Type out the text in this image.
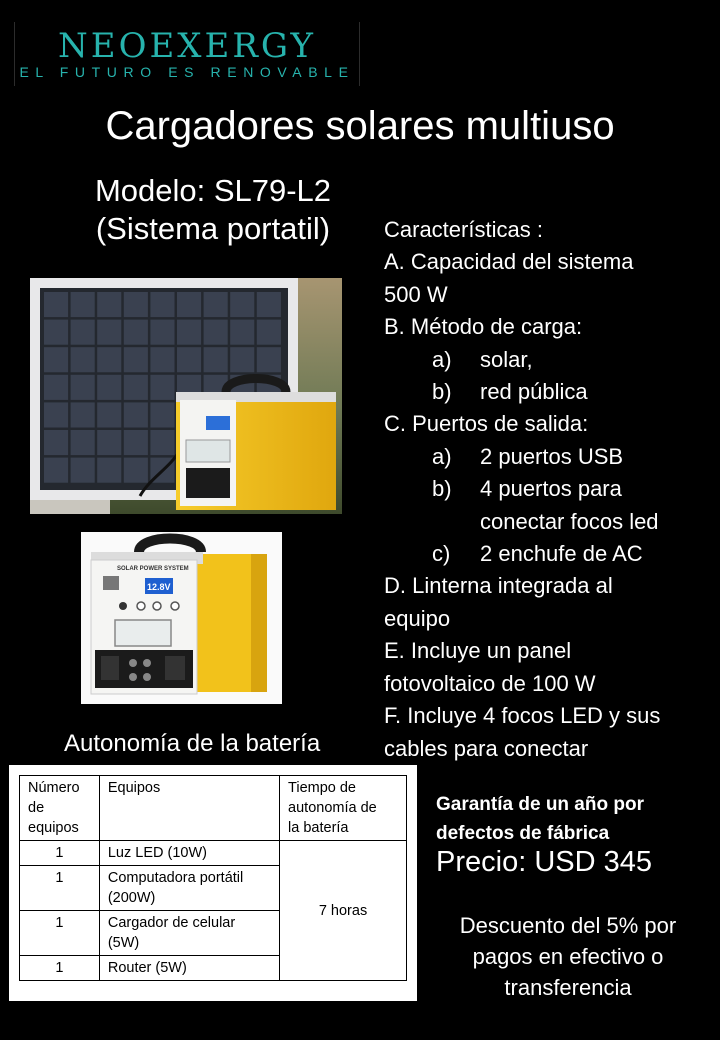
NEOEXERGY
EL FUTURO ES RENOVABLE
Cargadores solares multiuso
Modelo: SL79-L2
(Sistema portatil)	Características :
A. Capacidad del sistema
500 W
B. Método de carga:
a) solar,
b) red pública
C. Puertos de salida:
a) 2 puertos USB
b) 4 puertos para
conectar focos led
c) 2 enchufe de AC
D. Linterna integrada al
equipo
E. Incluye un panel
fotovoltaico de 100 W
F. Incluye 4 focos LED y sus
cables para conectar
SOLAR POWER SYSTEM
12.8V
Autonomía de la batería
Número
de
equipos	Equipos	Tiempo de
autonomía de
la batería
1	Luz LED (10W)	7 horas
1	Computadora portátil
(200W)	
1	Cargador de celular
(5W)	
1	Router (5W)	
Garantía de un año por
defectos de fábrica
Precio: USD 345
Descuento del 5% por
pagos en efectivo o
transferencia
